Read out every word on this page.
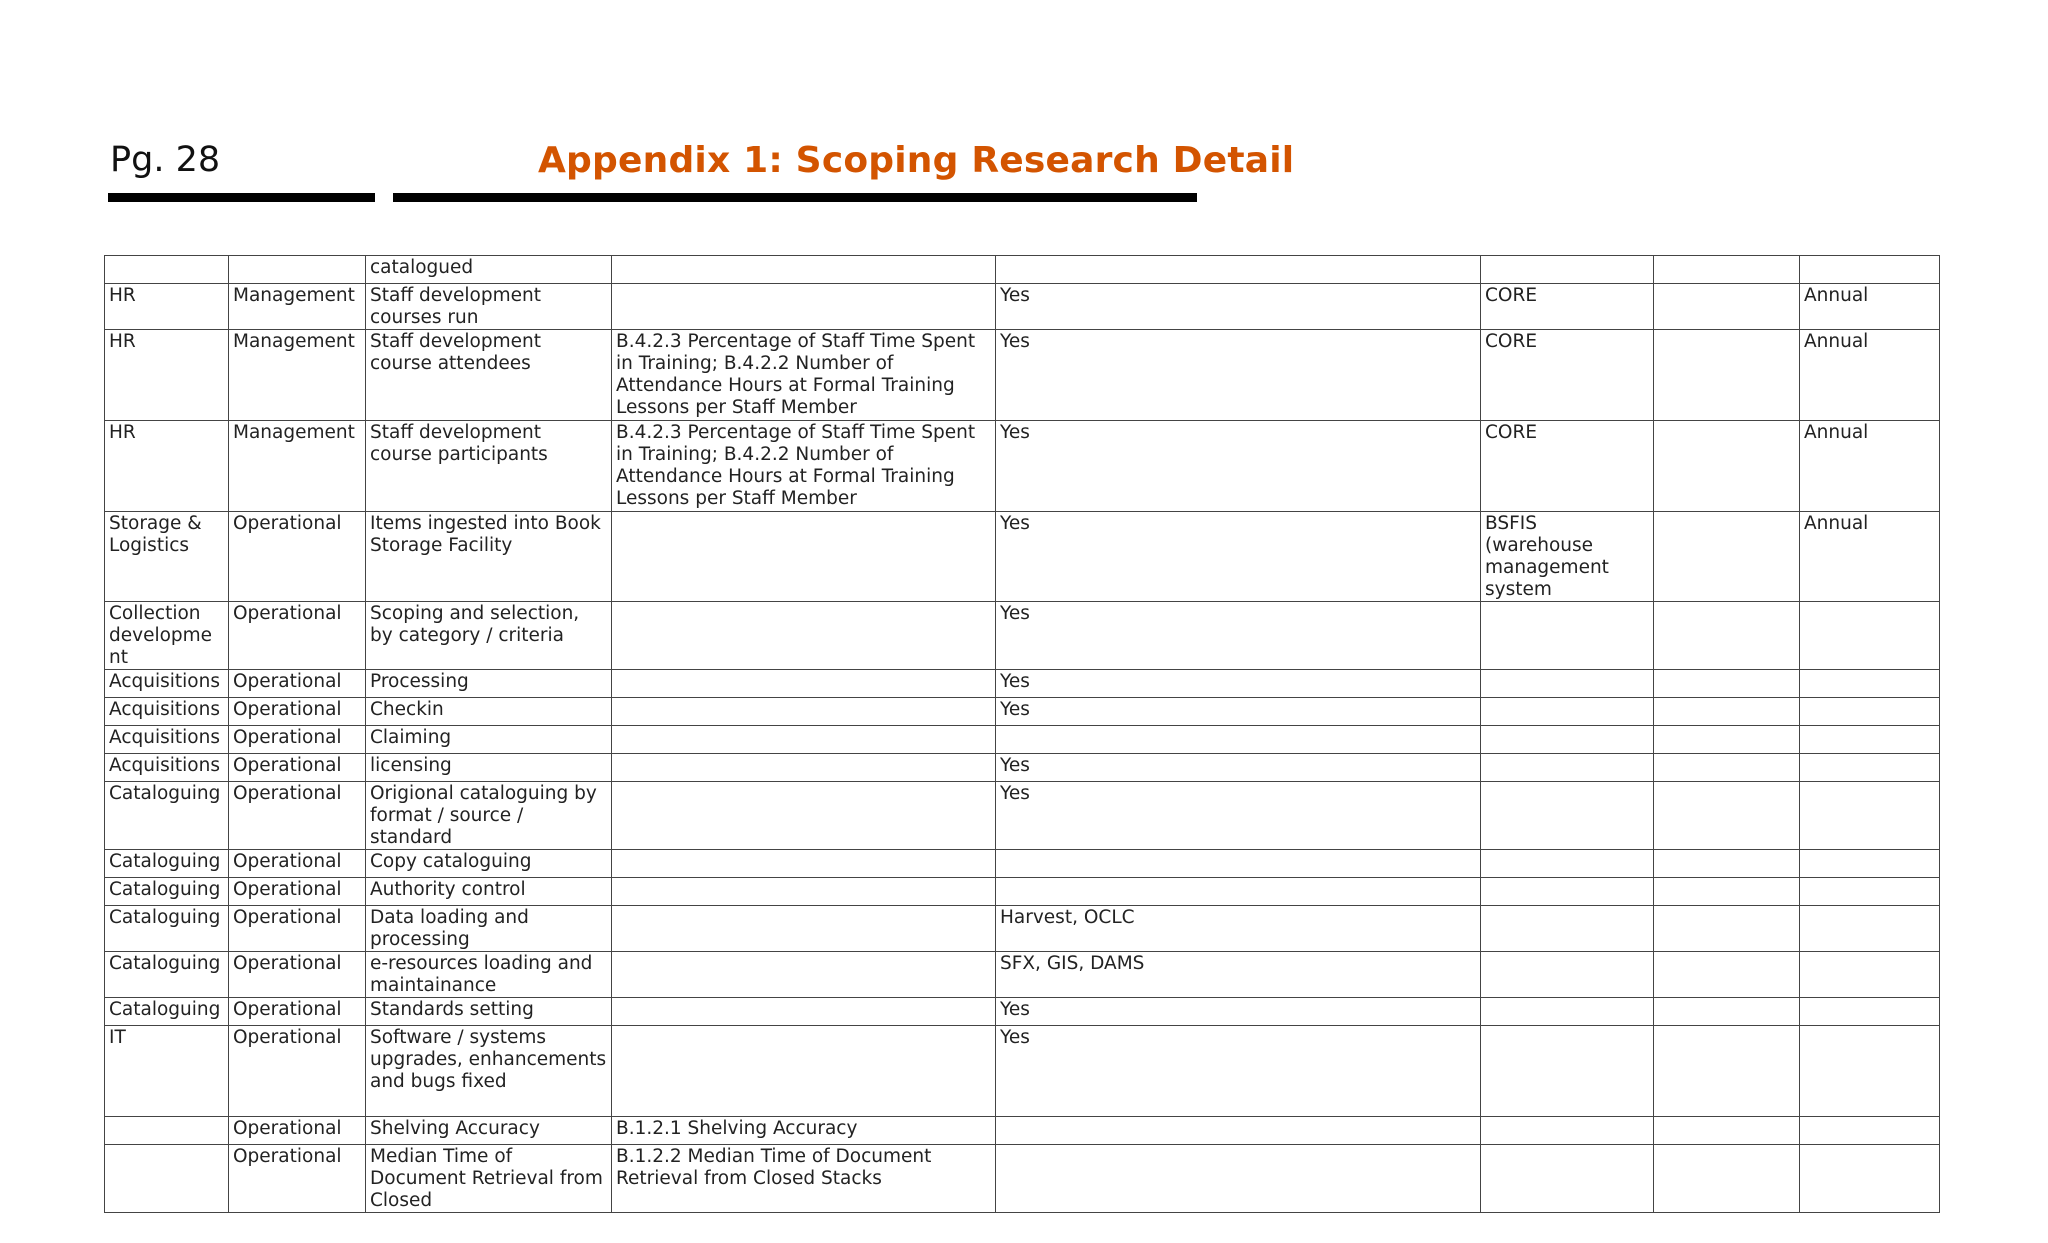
Pg. 28	Appendix 1: Scoping Research Detail
		catalogued					
HR	Management	Staff development courses run		Yes	CORE		Annual
HR	Management	Staff development course attendees	B.4.2.3 Percentage of Staff Time Spent in Training; B.4.2.2 Number of Attendance Hours at Formal Training Lessons per Staff Member	Yes	CORE		Annual
HR	Management	Staff development course participants	B.4.2.3 Percentage of Staff Time Spent in Training; B.4.2.2 Number of Attendance Hours at Formal Training Lessons per Staff Member	Yes	CORE		Annual
Storage & Logistics	Operational	Items ingested into Book Storage Facility		Yes	BSFIS (warehouse management system		Annual
Collection developme nt	Operational	Scoping and selection, by category / criteria		Yes			
Acquisitions	Operational	Processing		Yes			
Acquisitions	Operational	Checkin		Yes			
Acquisitions	Operational	Claiming					
Acquisitions	Operational	licensing		Yes			
Cataloguing	Operational	Origional cataloguing by format / source / standard		Yes			
Cataloguing	Operational	Copy cataloguing					
Cataloguing	Operational	Authority control					
Cataloguing	Operational	Data loading and processing		Harvest, OCLC			
Cataloguing	Operational	e-resources loading and maintainance		SFX, GIS, DAMS			
Cataloguing	Operational	Standards setting		Yes			
IT	Operational	Software / systems upgrades, enhancements and bugs fixed		Yes			
	Operational	Shelving Accuracy	B.1.2.1 Shelving Accuracy				
	Operational	Median Time of Document Retrieval from Closed	B.1.2.2 Median Time of Document Retrieval from Closed Stacks				
